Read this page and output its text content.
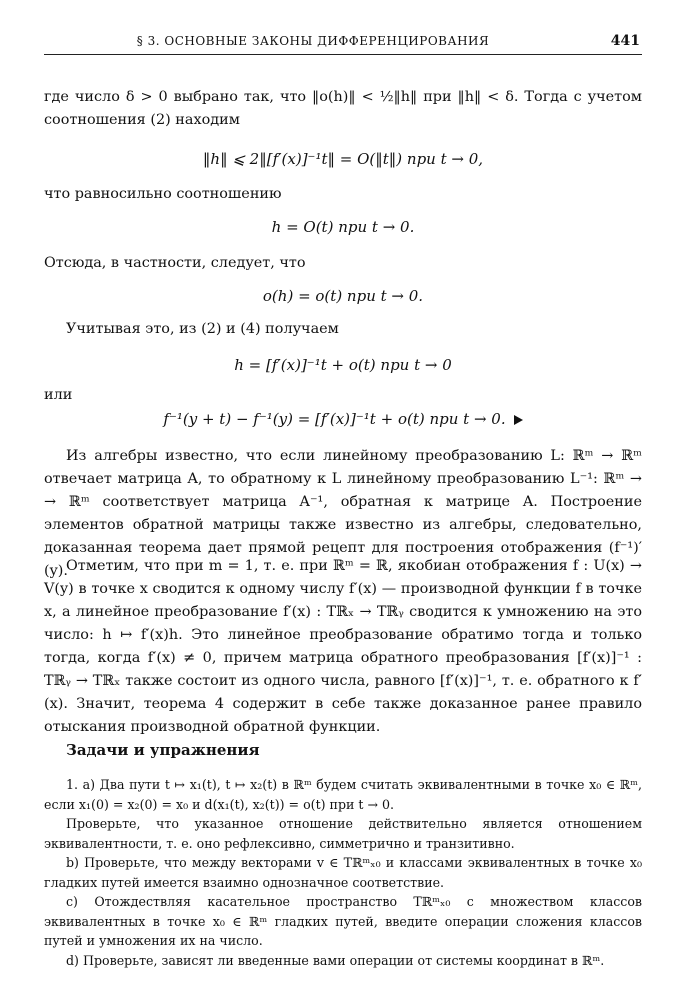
§ 3. ОСНОВНЫЕ ЗАКОНЫ ДИФФЕРЕНЦИРОВАНИЯ	441

где число δ > 0 выбрано так, что ‖o(h)‖ < ½‖h‖ при ‖h‖ < δ. Тогда с учетом соотношения (2) находим

‖h‖ ⩽ 2‖[f′(x)]⁻¹t‖ = O(‖t‖) при t → 0,

что равносильно соотношению

h = O(t) при t → 0.

Отсюда, в частности, следует, что

o(h) = o(t) при t → 0.

Учитывая это, из (2) и (4) получаем

h = [f′(x)]⁻¹t + o(t) при t → 0

или

f⁻¹(y + t) − f⁻¹(y) = [f′(x)]⁻¹t + o(t) при t → 0.

Из алгебры известно, что если линейному преобразованию L: ℝᵐ → ℝᵐ отвечает матрица A, то обратному к L линейному преобразованию L⁻¹: ℝᵐ → → ℝᵐ соответствует матрица A⁻¹, обратная к матрице A. Построение элементов обратной матрицы также известно из алгебры, следовательно, доказанная теорема дает прямой рецепт для построения отображения (f⁻¹)′(y).

Отметим, что при m = 1, т. е. при ℝᵐ = ℝ, якобиан отображения f : U(x) → V(y) в точке x сводится к одному числу f′(x) — производной функции f в точке x, а линейное преобразование f′(x) : Tℝₓ → Tℝᵧ сводится к умножению на это число: h ↦ f′(x)h. Это линейное преобразование обратимо тогда и только тогда, когда f′(x) ≠ 0, причем матрица обратного преобразования [f′(x)]⁻¹ : Tℝᵧ → Tℝₓ также состоит из одного числа, равного [f′(x)]⁻¹, т. е. обратного к f′(x). Значит, теорема 4 содержит в себе также доказанное ранее правило отыскания производной обратной функции.

Задачи и упражнения

1. a) Два пути t ↦ x₁(t), t ↦ x₂(t) в ℝᵐ будем считать эквивалентными в точке x₀ ∈ ℝᵐ, если x₁(0) = x₂(0) = x₀ и d(x₁(t), x₂(t)) = o(t) при t → 0.

Проверьте, что указанное отношение действительно является отношением эквивалентности, т. е. оно рефлексивно, симметрично и транзитивно.

b) Проверьте, что между векторами v ∈ Tℝᵐₓ₀ и классами эквивалентных в точке x₀ гладких путей имеется взаимно однозначное соответствие.

c) Отождествляя касательное пространство Tℝᵐₓ₀ с множеством классов эквивалентных в точке x₀ ∈ ℝᵐ гладких путей, введите операции сложения классов путей и умножения их на число.

d) Проверьте, зависят ли введенные вами операции от системы координат в ℝᵐ.
